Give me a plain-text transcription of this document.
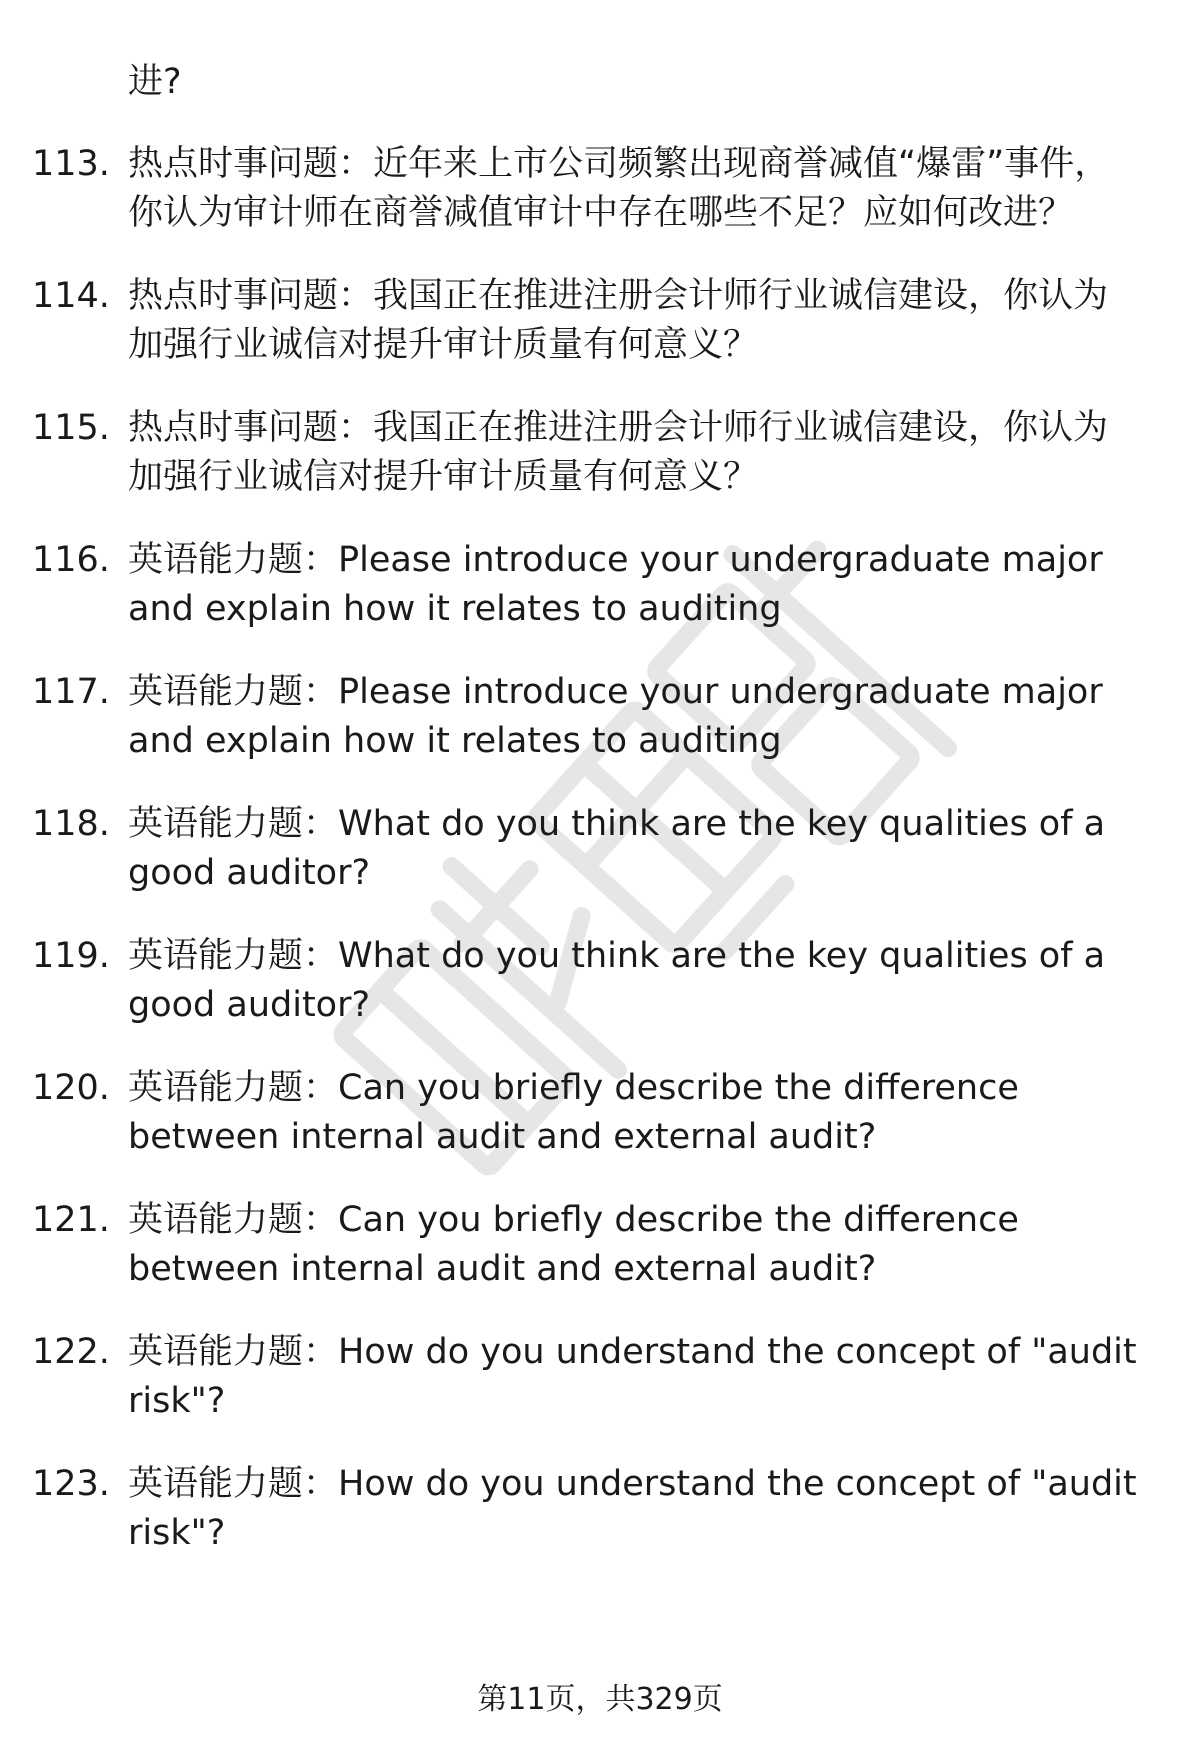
进?
113. 热点时事问题：近年来上市公司频繁出现商誉减值“爆雷”事件，你认为审计师在商誉减值审计中存在哪些不足？应如何改进？
114. 热点时事问题：我国正在推进注册会计师行业诚信建设，你认为加强行业诚信对提升审计质量有何意义？
115. 热点时事问题：我国正在推进注册会计师行业诚信建设，你认为加强行业诚信对提升审计质量有何意义？
116. 英语能力题：Please introduce your undergraduate major and explain how it relates to auditing
117. 英语能力题：Please introduce your undergraduate major and explain how it relates to auditing
118. 英语能力题：What do you think are the key qualities of a good auditor?
119. 英语能力题：What do you think are the key qualities of a good auditor?
120. 英语能力题：Can you briefly describe the difference between internal audit and external audit?
121. 英语能力题：Can you briefly describe the difference between internal audit and external audit?
122. 英语能力题：How do you understand the concept of "audit risk"?
123. 英语能力题：How do you understand the concept of "audit risk"?
第11页，共329页
